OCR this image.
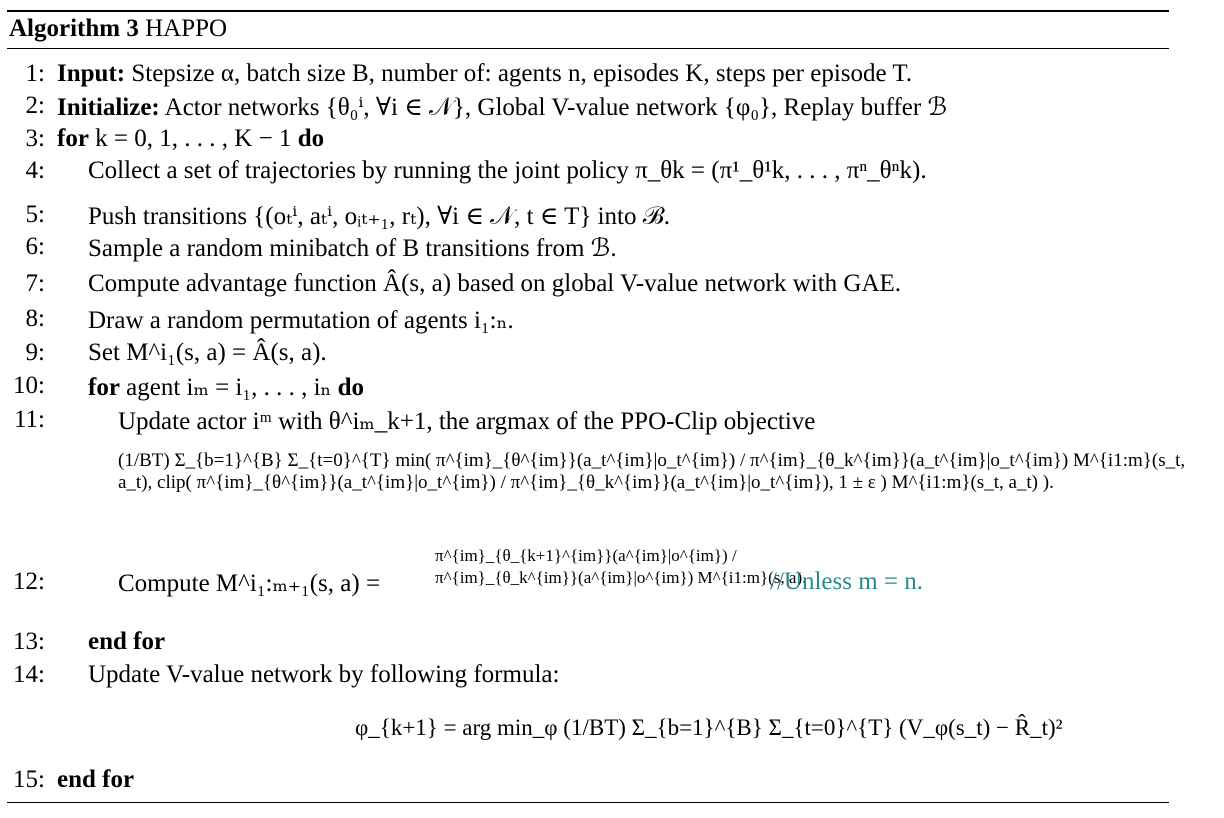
Algorithm 3 HAPPO
1: Input: Stepsize α, batch size B, number of: agents n, episodes K, steps per episode T.
2: Initialize: Actor networks {θ₀ⁱ, ∀i ∈ 𝒩}, Global V-value network {φ₀}, Replay buffer ℬ
3: for k = 0, 1, . . . , K − 1 do
4: Collect a set of trajectories by running the joint policy π_θk = (π¹_θ¹k, . . . , πⁿ_θⁿk).
5: Push transitions {(oₜⁱ, aₜⁱ, oᵢₜ₊₁, rₜ), ∀i ∈ 𝒩, t ∈ T} into ℬ.
6: Sample a random minibatch of B transitions from ℬ.
7: Compute advantage function Â(s, a) based on global V-value network with GAE.
8: Draw a random permutation of agents i₁:ₙ.
9: Set M^i₁(s, a) = Â(s, a).
10: for agent iₘ = i₁, . . . , iₙ do
11:	Update actor iᵐ with θ^iₘ_k+1, the argmax of the PPO-Clip objective
(1/BT) Σ_{b=1}^{B} Σ_{t=0}^{T} min( π^{im}_{θ^{im}}(a_t^{im}|o_t^{im}) / π^{im}_{θ_k^{im}}(a_t^{im}|o_t^{im}) M^{i1:m}(s_t, a_t), clip( π^{im}_{θ^{im}}(a_t^{im}|o_t^{im}) / π^{im}_{θ_k^{im}}(a_t^{im}|o_t^{im}), 1 ± ε ) M^{i1:m}(s_t, a_t) ).
12:	Compute M^i₁:ₘ₊₁(s, a) =
π^{im}_{θ_{k+1}^{im}}(a^{im}|o^{im}) / π^{im}_{θ_k^{im}}(a^{im}|o^{im}) M^{i1:m}(s, a).
//Unless m = n.
13: end for
14: Update V-value network by following formula:
φ_{k+1} = arg min_φ (1/BT) Σ_{b=1}^{B} Σ_{t=0}^{T} (V_φ(s_t) − R̂_t)²
15: end for
